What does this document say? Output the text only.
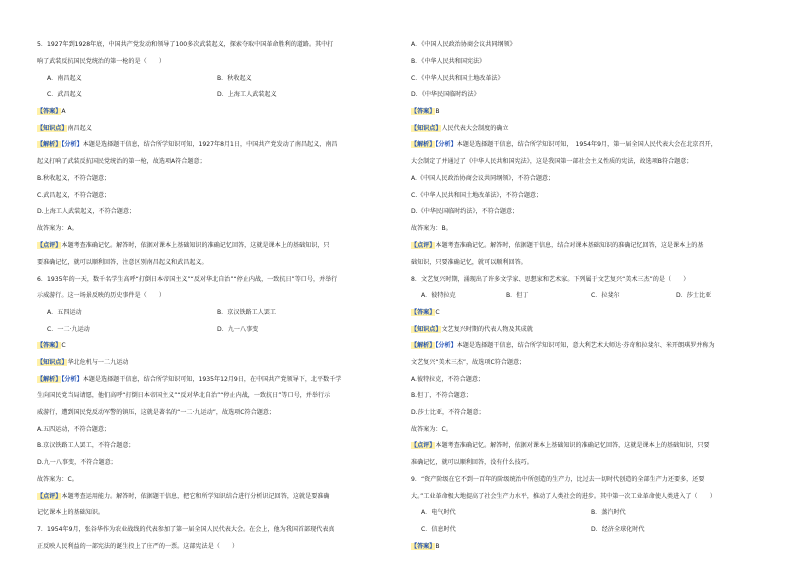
5．1927年到1928年底，中国共产党发动和领导了100多次武装起义，探索夺取中国革命胜利的道路。其中打
响了武装反抗国民党统治的第一枪的是（　　）
A．南昌起义	B．秋收起义
C．武昌起义	D．上海工人武装起义
【答案】A
【知识点】南昌起义
【解析】【分析】本题是选择题干信息，结合所学知识可知，1927年8月1日，中国共产党发动了南昌起义，南昌
起义打响了武装反抗国民党统治的第一枪，故选项A符合题意；
B.秋收起义，不符合题意；
C.武昌起义，不符合题意；
D.上海工人武装起义，不符合题意；
故答案为：A。
【点评】本题考查准确记忆。解答时，依据对课本上基础知识的准确记忆回答，这就是课本上的基础知识，只
要准确记忆，就可以顺利回答，注意区别南昌起义和武昌起义。
6．1935年的一天，数千名学生高呼“打倒日本帝国主义”“反对华北自治”“停止内战，一致抗日”等口号，并举行
示威游行。这一场景反映的历史事件是（　　）
A．五四运动	B．京汉铁路工人罢工
C．一二·九运动	D．九一八事变
【答案】C
【知识点】华北危机与一二九运动
【解析】【分析】本题是选择题干信息，结合所学知识可知，1935年12月9日，在中国共产党领导下，北平数千学
生向国民党当局请愿，他们高呼“打倒日本帝国主义”“反对华北自治”“停止内战，一致抗日”等口号，并举行示
威游行，遭到国民党反动军警的镇压，这就是著名的“一二·九运动”，故选项C符合题意；
A.五四运动，不符合题意；
B.京汉铁路工人罢工，不符合题意；
D.九一八事变，不符合题意；
故答案为：C。
【点评】本题考查运用能力。解答时，依据题干信息，把它和所学知识结合进行分析识记回答，这就是要准确
记忆课本上的基础知识。
7．1954年9月，张谷华作为农业战线的代表参加了第一届全国人民代表大会。在会上，他为我国首部现代表真
正反映人民利益的一部宪法的诞生投上了庄严的一票。这部宪法是（　　）
A．《中国人民政治协商会议共同纲领》
B．《中华人民共和国宪法》
C．《中华人民共和国土地改革法》
D．《中华民国临时约法》
【答案】B
【知识点】人民代表大会制度的确立
【解析】【分析】本题是选择题干信息，结合所学知识可知，　1954年9月，第一届全国人民代表大会在北京召开，
大会制定了并通过了《中华人民共和国宪法》，这是我国第一部社会主义性质的宪法，故选项B符合题意；
A.《中国人民政治协商会议共同纲领》，不符合题意；
C.《中华人民共和国土地改革法》，不符合题意；
D.《中华民国临时约法》，不符合题意；
故答案为：B。
【点评】本题考查准确记忆。解答时，依据题干信息，结合对课本基础知识的准确记忆回答，这是课本上的基
础知识，只要准确记忆，就可以顺利回答。
8．文艺复兴时期，涌现出了许多文学家、思想家和艺术家。下列属于文艺复兴“美术三杰”的是（　　）
A．彼特拉克	B．但丁	C．拉斐尔	D．莎士比亚
【答案】C
【知识点】文艺复兴时期的代表人物及其成就
【解析】【分析】本题是选择题干信息，结合所学知识可知，意大利艺术大师达·芬奇和拉斐尔、米开朗琪罗并称为
文艺复兴“美术三杰”，故选项C符合题意；
A.彼特拉克，不符合题意；
B.但丁，不符合题意；
D.莎士比亚，不符合题意；
故答案为：C。
【点评】本题考查准确记忆。解答时，依据对课本上基础知识的准确记忆回答，这就是课本上的基础知识，只要
准确记忆，就可以顺利回答，没有什么技巧。
9．“资产阶级在它不到一百年的阶级统治中所创造的生产力，比过去一切时代创造的全部生产力还要多，还要
大。”工业革命极大地提高了社会生产力水平，推动了人类社会的进步。其中第一次工业革命使人类进入了（　　）
A．电气时代	B．蒸汽时代
C．信息时代	D．经济全球化时代
【答案】B
